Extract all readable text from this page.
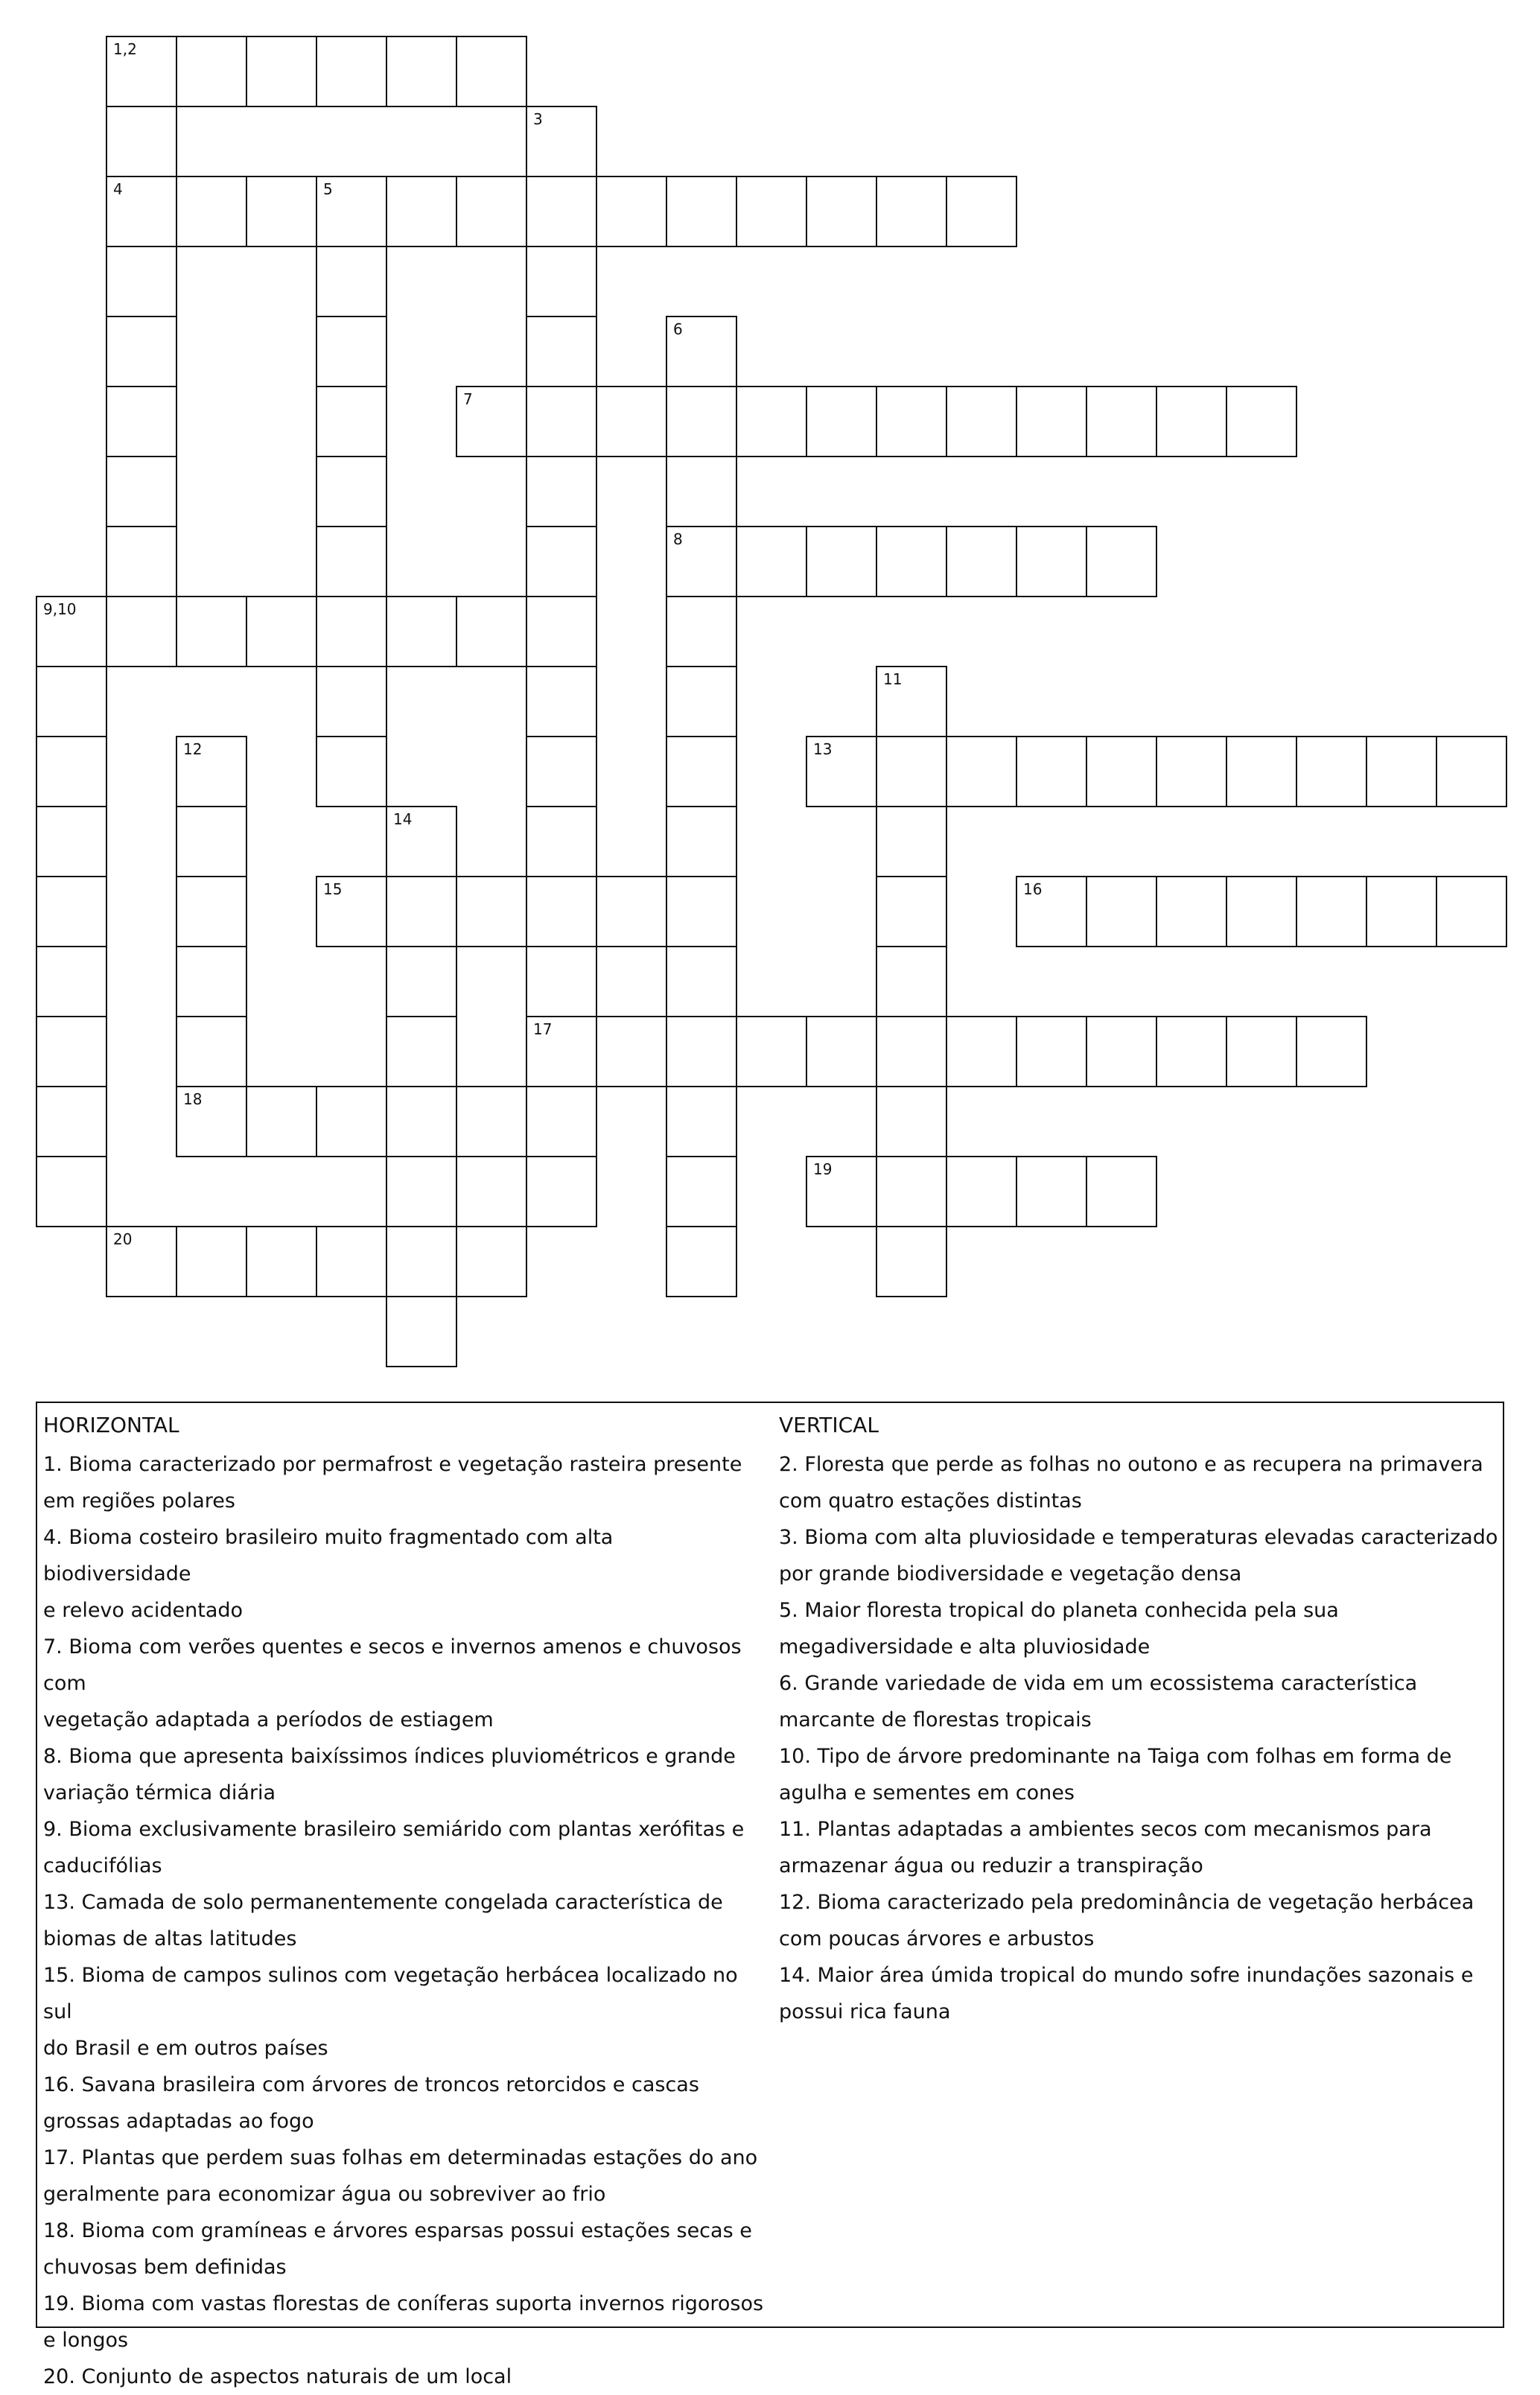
1,2
3
4	5
6
7
8
9,10
11
12	13
14
15	16
17
18
19
20
HORIZONTAL

1. Bioma caracterizado por permafrost e vegetação rasteira presente

em regiões polares

4. Bioma costeiro brasileiro muito fragmentado com alta biodiversidade

e relevo acidentado

7. Bioma com verões quentes e secos e invernos amenos e chuvosos com

vegetação adaptada a períodos de estiagem

8. Bioma que apresenta baixíssimos índices pluviométricos e grande

variação térmica diária

9. Bioma exclusivamente brasileiro semiárido com plantas xerófitas e

caducifólias

13. Camada de solo permanentemente congelada característica de

biomas de altas latitudes

15. Bioma de campos sulinos com vegetação herbácea localizado no sul

do Brasil e em outros países

16. Savana brasileira com árvores de troncos retorcidos e cascas

grossas adaptadas ao fogo

17. Plantas que perdem suas folhas em determinadas estações do ano

geralmente para economizar água ou sobreviver ao frio

18. Bioma com gramíneas e árvores esparsas possui estações secas e

chuvosas bem definidas

19. Bioma com vastas florestas de coníferas suporta invernos rigorosos

e longos

20. Conjunto de aspectos naturais de um local

VERTICAL

2. Floresta que perde as folhas no outono e as recupera na primavera

com quatro estações distintas

3. Bioma com alta pluviosidade e temperaturas elevadas caracterizado

por grande biodiversidade e vegetação densa

5. Maior floresta tropical do planeta conhecida pela sua

megadiversidade e alta pluviosidade

6. Grande variedade de vida em um ecossistema característica

marcante de florestas tropicais

10. Tipo de árvore predominante na Taiga com folhas em forma de

agulha e sementes em cones

11. Plantas adaptadas a ambientes secos com mecanismos para

armazenar água ou reduzir a transpiração

12. Bioma caracterizado pela predominância de vegetação herbácea

com poucas árvores e arbustos

14. Maior área úmida tropical do mundo sofre inundações sazonais e

possui rica fauna
